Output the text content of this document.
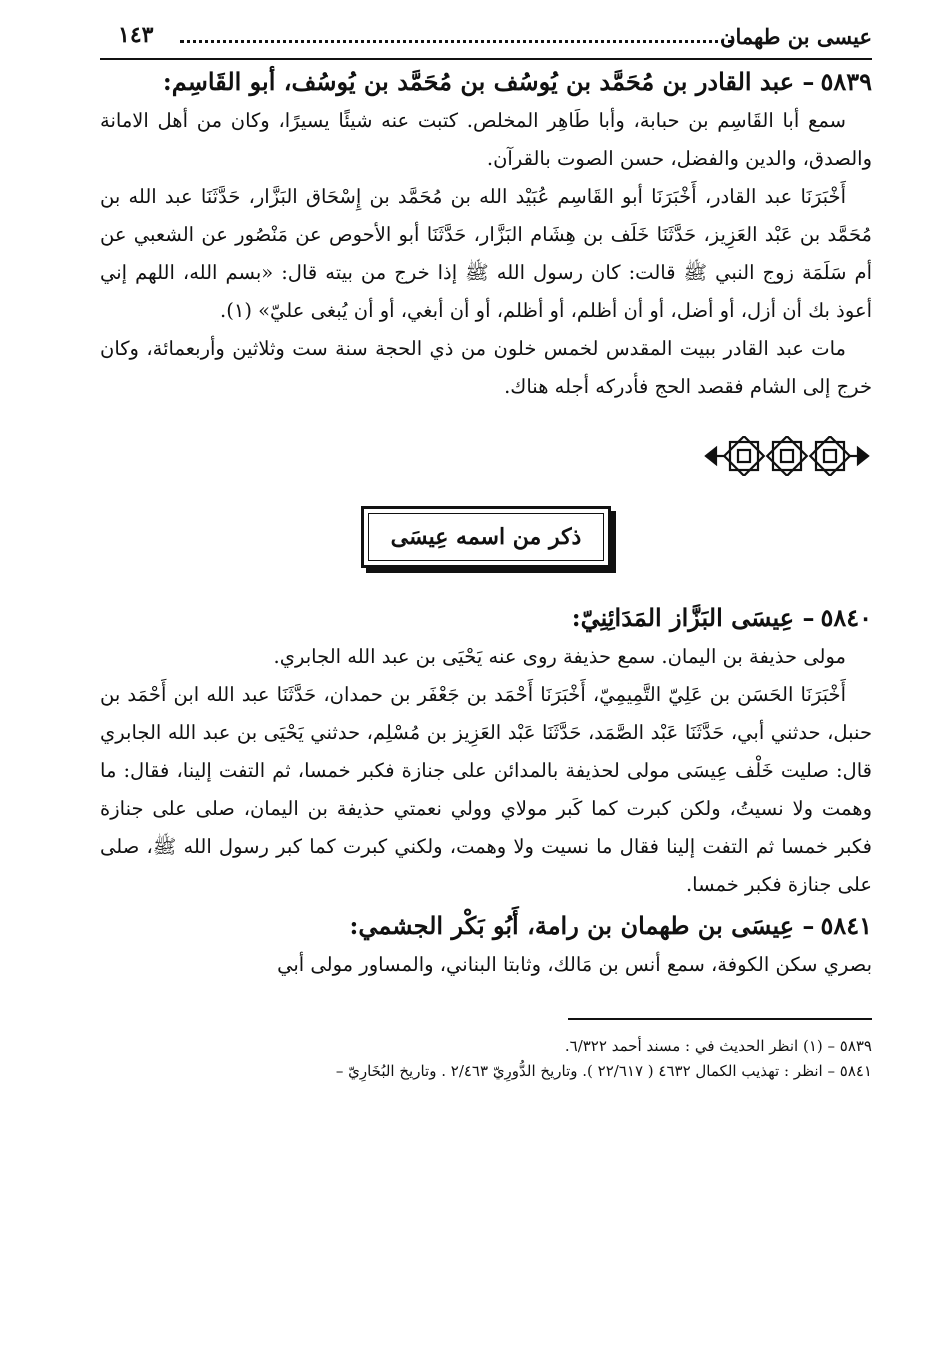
عيسى بن طهمان
١٤٣
٥٨٣٩– عبد القادر بن مُحَمَّد بن يُوسُف بن مُحَمَّد بن يُوسُف، أبو القَاسِم:

سمع أبا القَاسِم بن حبابة، وأبا طَاهِر المخلص. كتبت عنه شيئًا يسيرًا، وكان من أهل الامانة والصدق، والدين والفضل، حسن الصوت بالقرآن.

أَخْبَرَنَا عبد القادر، أَخْبَرَنَا أبو القَاسِم عُبَيْد الله بن مُحَمَّد بن إِسْحَاق البَزَّار، حَدَّثَنَا عبد الله بن مُحَمَّد بن عَبْد العَزِيز، حَدَّثَنَا خَلَف بن هِشَام البَزَّار، حَدَّثَنَا أبو الأحوص عن مَنْصُور عن الشعبي عن أم سَلَمَة زوج النبي ﷺ قالت: كان رسول الله ﷺ إذا خرج من بيته قال: «بسم الله، اللهم إني أعوذ بك أن أزل، أو أضل، أو أن أظلم، أو أظلم، أو أن أبغي، أو أن يُبغى عليّ» (١).

مات عبد القادر ببيت المقدس لخمس خلون من ذي الحجة سنة ست وثلاثين وأربعمائة، وكان خرج إلى الشام فقصد الحج فأدركه أجله هناك.

ذكر من اسمه عِيسَى
٥٨٤٠– عِيسَى البَزَّاز المَدَائِنِيّ:

مولى حذيفة بن اليمان. سمع حذيفة روى عنه يَحْيَى بن عبد الله الجابري.

أَخْبَرَنَا الحَسَن بن عَلِيّ التَّمِيمِيّ، أَخْبَرَنَا أَحْمَد بن جَعْفَر بن حمدان، حَدَّثَنَا عبد الله ابن أَحْمَد بن حنبل، حدثني أبي، حَدَّثَنَا عَبْد الصَّمَد، حَدَّثَنَا عَبْد العَزِيز بن مُسْلِم، حدثني يَحْيَى بن عبد الله الجابري قال: صليت خَلْف عِيسَى مولى لحذيفة بالمدائن على جنازة فكبر خمسا، ثم التفت إلينا، فقال: ما وهمت ولا نسيتُ، ولكن كبرت كما كَبر مولاي وولي نعمتي حذيفة بن اليمان، صلى على جنازة فكبر خمسا ثم التفت إلينا فقال ما نسيت ولا وهمت، ولكني كبرت كما كبر رسول الله ﷺ، صلى على جنازة فكبر خمسا.

٥٨٤١– عِيسَى بن طهمان بن رامة، أَبُو بَكْر الجشمي:

بصري سكن الكوفة، سمع أنس بن مَالك، وثابتا البناني، والمساور مولى أبي

٥٨٣٩ – (١) انظر الحديث في : مسند أحمد ٦/٣٢٢.

٥٨٤١ – انظر : تهذيب الكمال ٤٦٣٢ ( ٢٢/٦١٧ ). وتاريخ الدُّورِيّ ٢/٤٦٣ . وتاريخ البُخَارِيّ –
